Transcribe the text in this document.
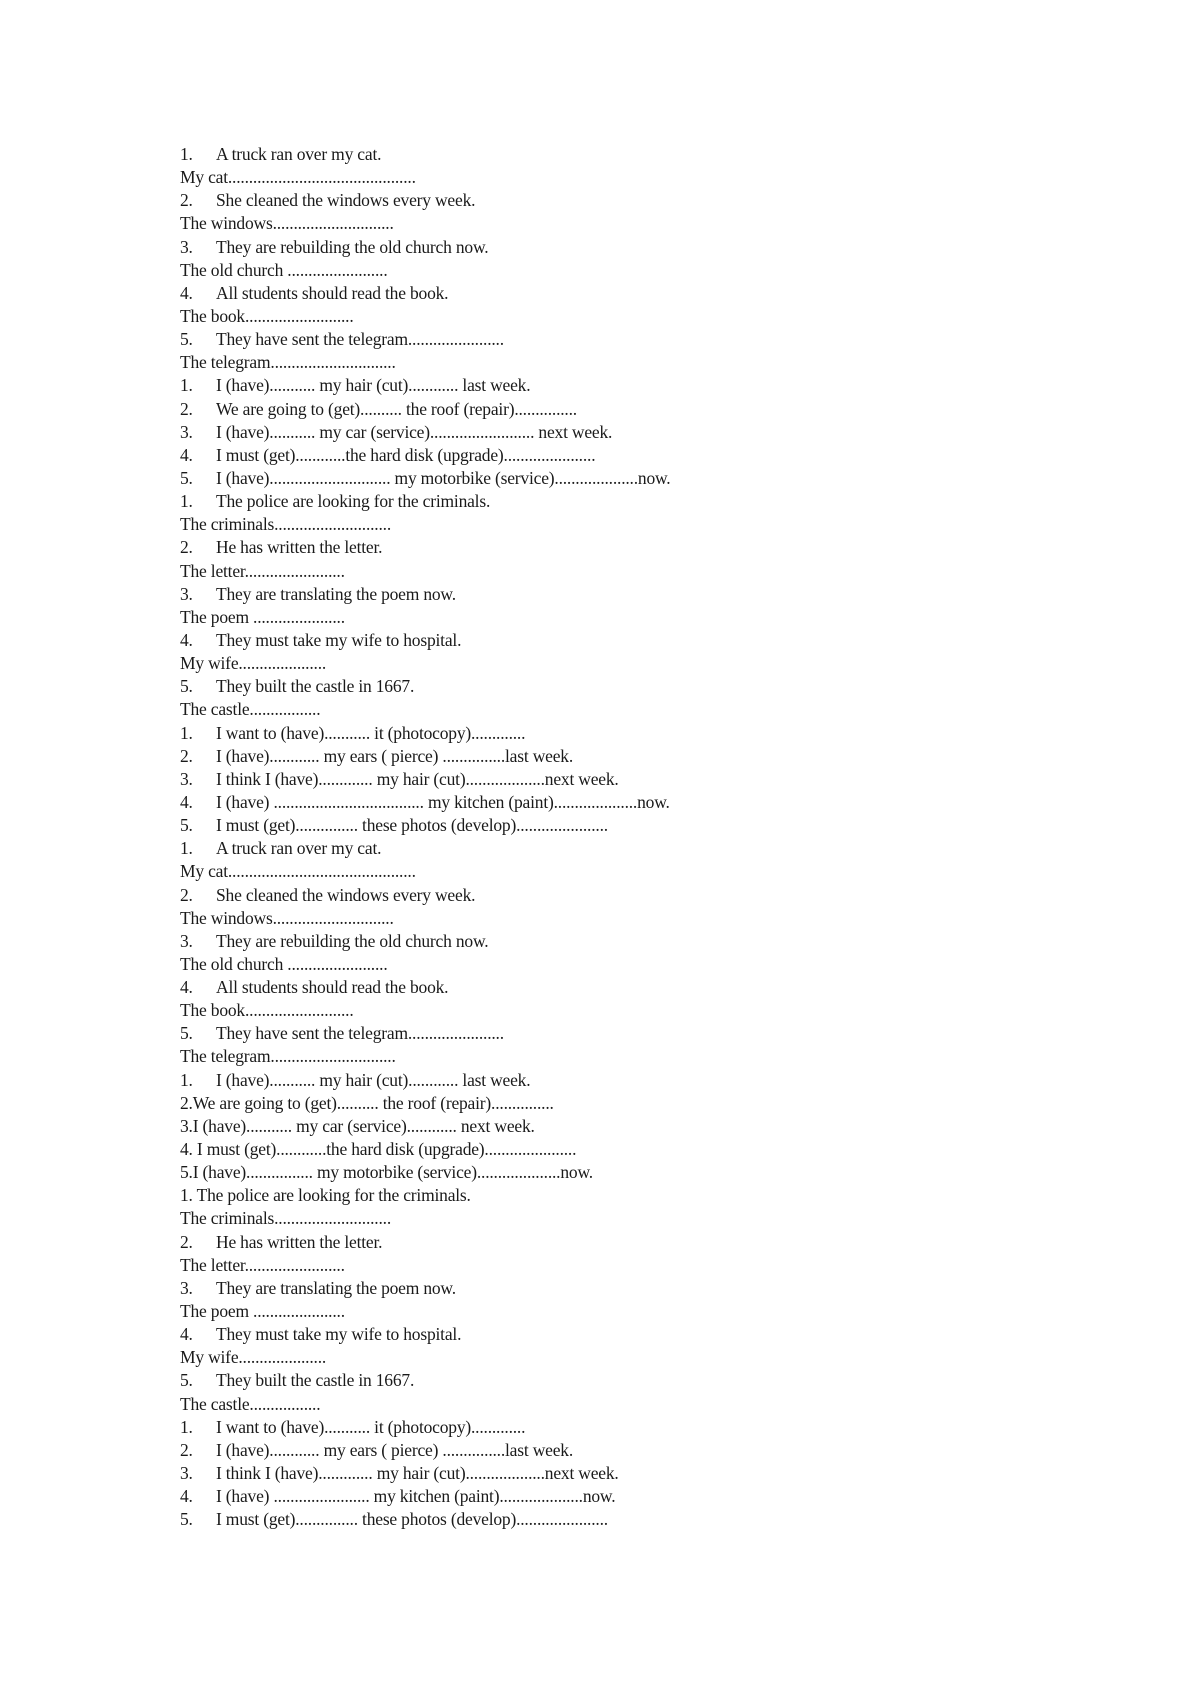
1. A truck ran over my cat.
My cat.............................................
2. She cleaned the windows every week.
The windows.............................
3. They are rebuilding the old church now.
The old church ........................
4. All students should read the book.
The book..........................
5. They have sent the telegram.......................
The telegram..............................
1. I (have)........... my hair (cut)............ last week.
2. We are going to (get).......... the roof (repair)...............
3. I (have)........... my car (service)......................... next week.
4. I must (get)............the hard disk (upgrade)......................
5. I (have)............................. my motorbike (service)....................now.
1. The police are looking for the criminals.
The criminals............................
2. He has written the letter.
The letter........................
3. They are translating the poem now.
The poem ......................
4. They must take my wife to hospital.
My wife.....................
5. They built the castle in 1667.
The castle.................
1. I want to (have)........... it (photocopy).............
2. I (have)............ my ears ( pierce) ...............last week.
3. I think I (have)............. my hair (cut)...................next week.
4. I (have) .................................... my kitchen (paint)....................now.
5. I must (get)............... these photos (develop)......................
1. A truck ran over my cat.
My cat.............................................
2. She cleaned the windows every week.
The windows.............................
3. They are rebuilding the old church now.
The old church ........................
4. All students should read the book.
The book..........................
5. They have sent the telegram.......................
The telegram..............................
1. I (have)........... my hair (cut)............ last week.
2.We are going to (get).......... the roof (repair)...............
3.I (have)........... my car (service)............ next week.
4. I must (get)............the hard disk (upgrade)......................
5.I (have)................ my motorbike (service)....................now.
1. The police are looking for the criminals.
The criminals............................
2. He has written the letter.
The letter........................
3. They are translating the poem now.
The poem ......................
4. They must take my wife to hospital.
My wife.....................
5. They built the castle in 1667.
The castle.................
1. I want to (have)........... it (photocopy).............
2. I (have)............ my ears ( pierce) ...............last week.
3. I think I (have)............. my hair (cut)...................next week.
4. I (have) ....................... my kitchen (paint)....................now.
5. I must (get)............... these photos (develop)......................
